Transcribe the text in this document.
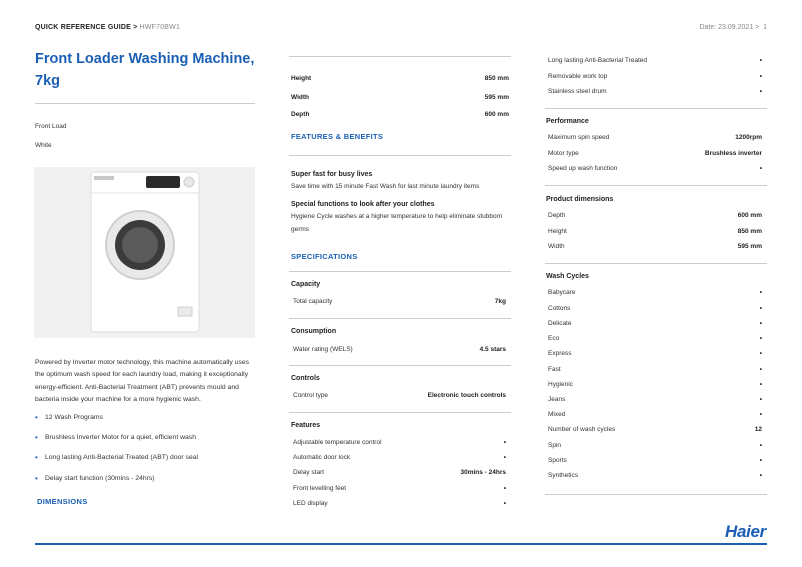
QUICK REFERENCE GUIDE > HWF70BW1	Date: 23.09.2021 > 1
Front Loader Washing Machine,
7kg
Front Load
White
Powered by Inverter motor technology, this machine automatically uses the optimum wash speed for each laundry load, making it exceptionally energy-efficient. Anti-Bacterial Treatment (ABT) prevents mould and bacteria inside your machine for a more hygienic wash.
•	12 Wash Programs
•	Brushless Inverter Motor for a quiet, efficient wash
•	Long lasting Anti-Bacterial Treated (ABT) door seal
•	Delay start function (30mins - 24hrs)
DIMENSIONS
Height	850 mm
Width	595 mm
Depth	600 mm
FEATURES & BENEFITS
Super fast for busy lives
Save time with 15 minute Fast Wash for last minute laundry items
Special functions to look after your clothes
Hygiene Cycle washes at a higher temperature to help eliminate stubborn
germs
SPECIFICATIONS
Capacity
Total capacity	7kg
Consumption
Water rating (WELS)	4.5 stars
Controls
Control type	Electronic touch controls
Features
Adjustable temperature control	•
Automatic door lock	•
Delay start	30mins - 24hrs
Front levelling feet	•
LED display	•
Long lasting Anti-Bacterial Treated	•
Removable work top	•
Stainless steel drum	•
Performance
Maximum spin speed	1200rpm
Motor type	Brushless inverter
Speed up wash function	•
Product dimensions
Depth	600 mm
Height	850 mm
Width	595 mm
Wash Cycles
Babycare	•
Cottons	•
Delicate	•
Eco	•
Express	•
Fast	•
Hygienic	•
Jeans	•
Mixed	•
Number of wash cycles	12
Spin	•
Sports	•
Synthetics	•
Haier
